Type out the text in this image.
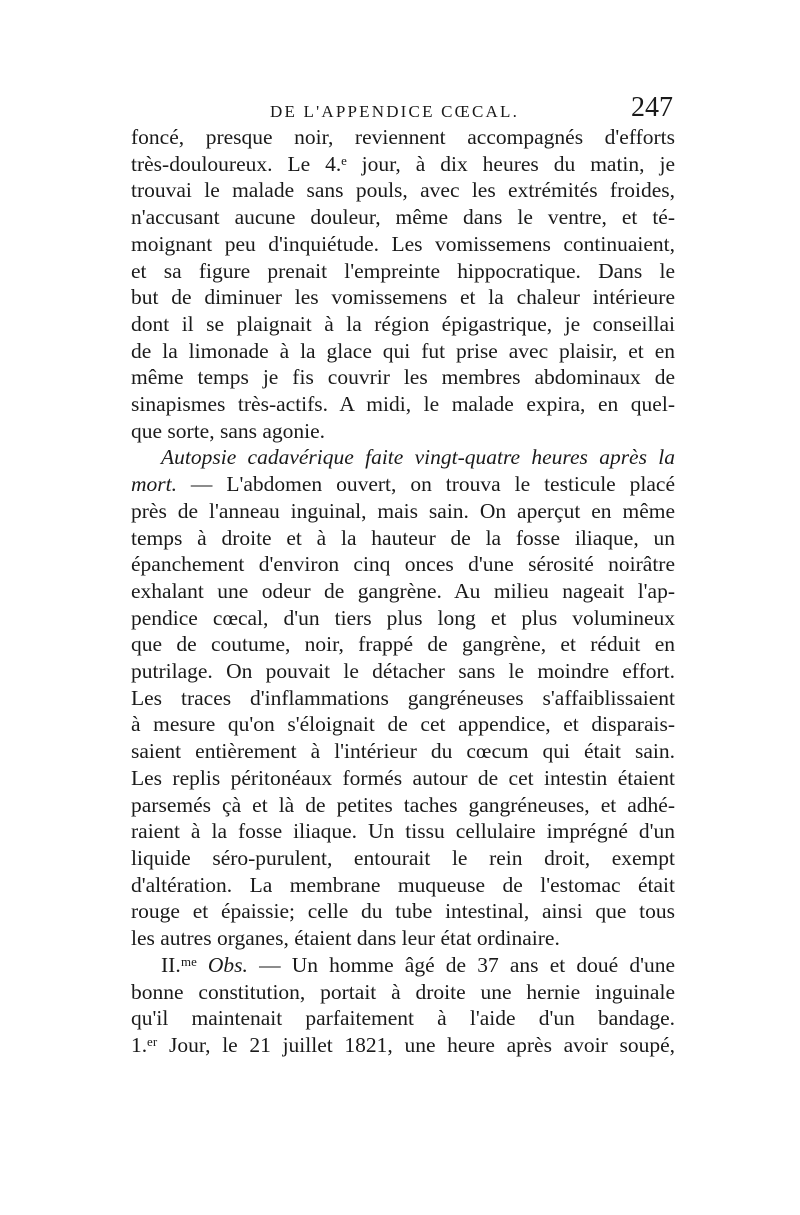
DE L'APPENDICE CŒCAL.	247
foncé, presque noir, reviennent accompagnés d'efforts
très-douloureux. Le 4.ᵉ jour, à dix heures du matin, je
trouvai le malade sans pouls, avec les extrémités froides,
n'accusant aucune douleur, même dans le ventre, et té-
moignant peu d'inquiétude. Les vomissemens continuaient,
et sa figure prenait l'empreinte hippocratique. Dans le
but de diminuer les vomissemens et la chaleur intérieure
dont il se plaignait à la région épigastrique, je conseillai
de la limonade à la glace qui fut prise avec plaisir, et en
même temps je fis couvrir les membres abdominaux de
sinapismes très-actifs. A midi, le malade expira, en quel-
que sorte, sans agonie.
Autopsie cadavérique faite vingt-quatre heures après la
mort. — L'abdomen ouvert, on trouva le testicule placé
près de l'anneau inguinal, mais sain. On aperçut en même
temps à droite et à la hauteur de la fosse iliaque, un
épanchement d'environ cinq onces d'une sérosité noirâtre
exhalant une odeur de gangrène. Au milieu nageait l'ap-
pendice cœcal, d'un tiers plus long et plus volumineux
que de coutume, noir, frappé de gangrène, et réduit en
putrilage. On pouvait le détacher sans le moindre effort.
Les traces d'inflammations gangréneuses s'affaiblissaient
à mesure qu'on s'éloignait de cet appendice, et disparais-
saient entièrement à l'intérieur du cœcum qui était sain.
Les replis péritonéaux formés autour de cet intestin étaient
parsemés çà et là de petites taches gangréneuses, et adhé-
raient à la fosse iliaque. Un tissu cellulaire imprégné d'un
liquide séro-purulent, entourait le rein droit, exempt
d'altération. La membrane muqueuse de l'estomac était
rouge et épaissie; celle du tube intestinal, ainsi que tous
les autres organes, étaient dans leur état ordinaire.
II.ᵐᵉ Obs. — Un homme âgé de 37 ans et doué d'une
bonne constitution, portait à droite une hernie inguinale
qu'il maintenait parfaitement à l'aide d'un bandage.
1.ᵉʳ Jour, le 21 juillet 1821, une heure après avoir soupé,
